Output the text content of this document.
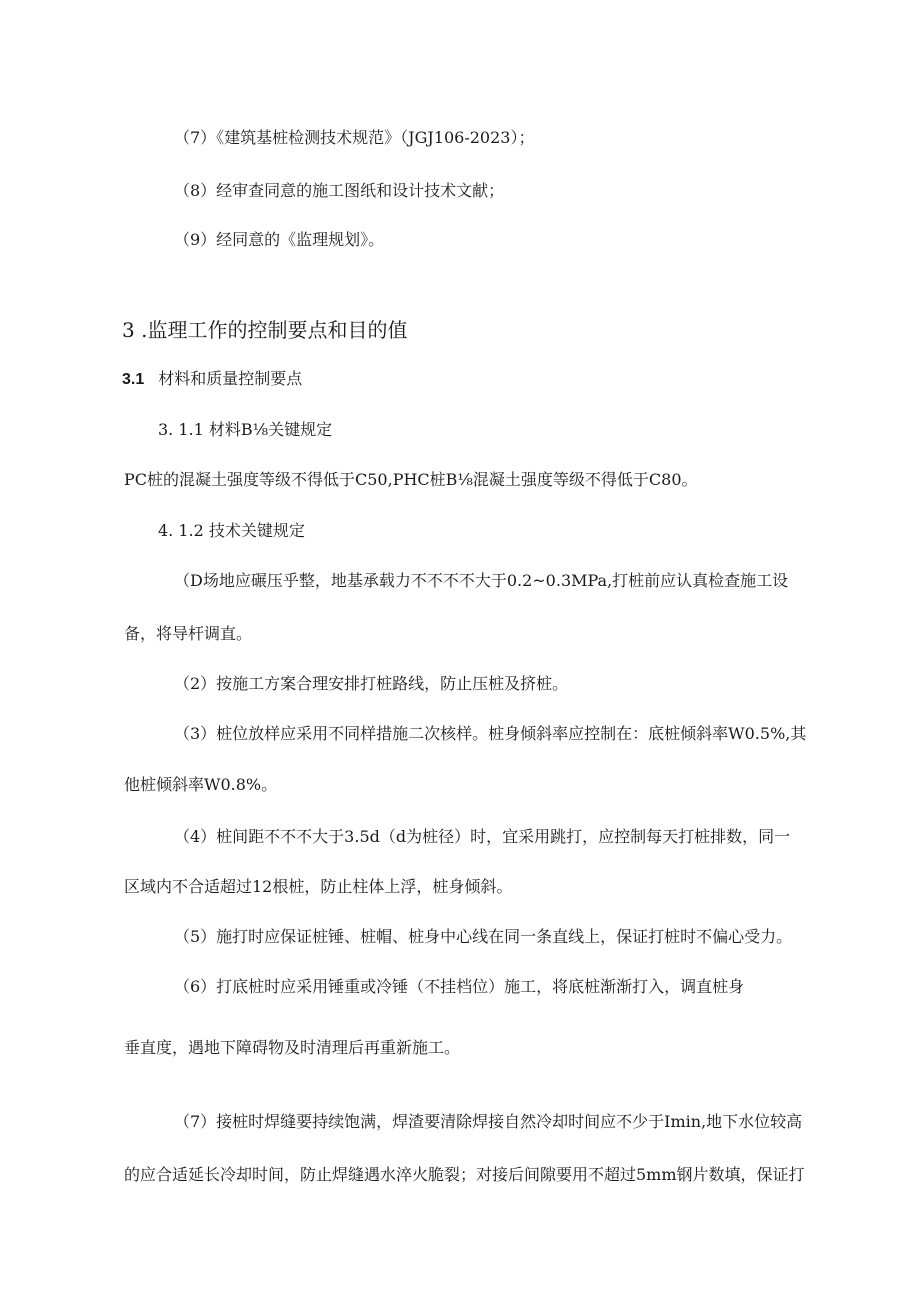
（7）《建筑基桩检测技术规范》（JGJ106-2023）；
（8）经审查同意的施工图纸和设计技术文献；
（9）经同意的《监理规划》。
3 .监理工作的控制要点和目的值
3.1 材料和质量控制要点
3. 1.1 材料B⅛关键规定
PC桩的混凝土强度等级不得低于C50,PHC桩B⅛混凝土强度等级不得低于C80。
4. 1.2 技术关键规定
（D场地应碾压乎整，地基承载力不不不不大于0.2~0.3MPa,打桩前应认真检查施工设
备，将导杆调直。
（2）按施工方案合理安排打桩路线，防止压桩及挤桩。
（3）桩位放样应采用不同样措施二次核样。桩身倾斜率应控制在：底桩倾斜率W0.5%,其
他桩倾斜率W0.8%。
（4）桩间距不不不大于3.5d（d为桩径）时，宜采用跳打，应控制每天打桩排数，同一
区域内不合适超过12根桩，防止柱体上浮，桩身倾斜。
（5）施打时应保证桩锤、桩帽、桩身中心线在同一条直线上，保证打桩时不偏心受力。
（6）打底桩时应采用锤重或冷锤（不挂档位）施工，将底桩渐渐打入，调直桩身
垂直度，遇地下障碍物及时清理后再重新施工。
（7）接桩时焊缝要持续饱满，焊渣要清除焊接自然冷却时间应不少于Imin,地下水位较高
的应合适延长冷却时间，防止焊缝遇水淬火脆裂；对接后间隙要用不超过5mm钢片数填，保证打
